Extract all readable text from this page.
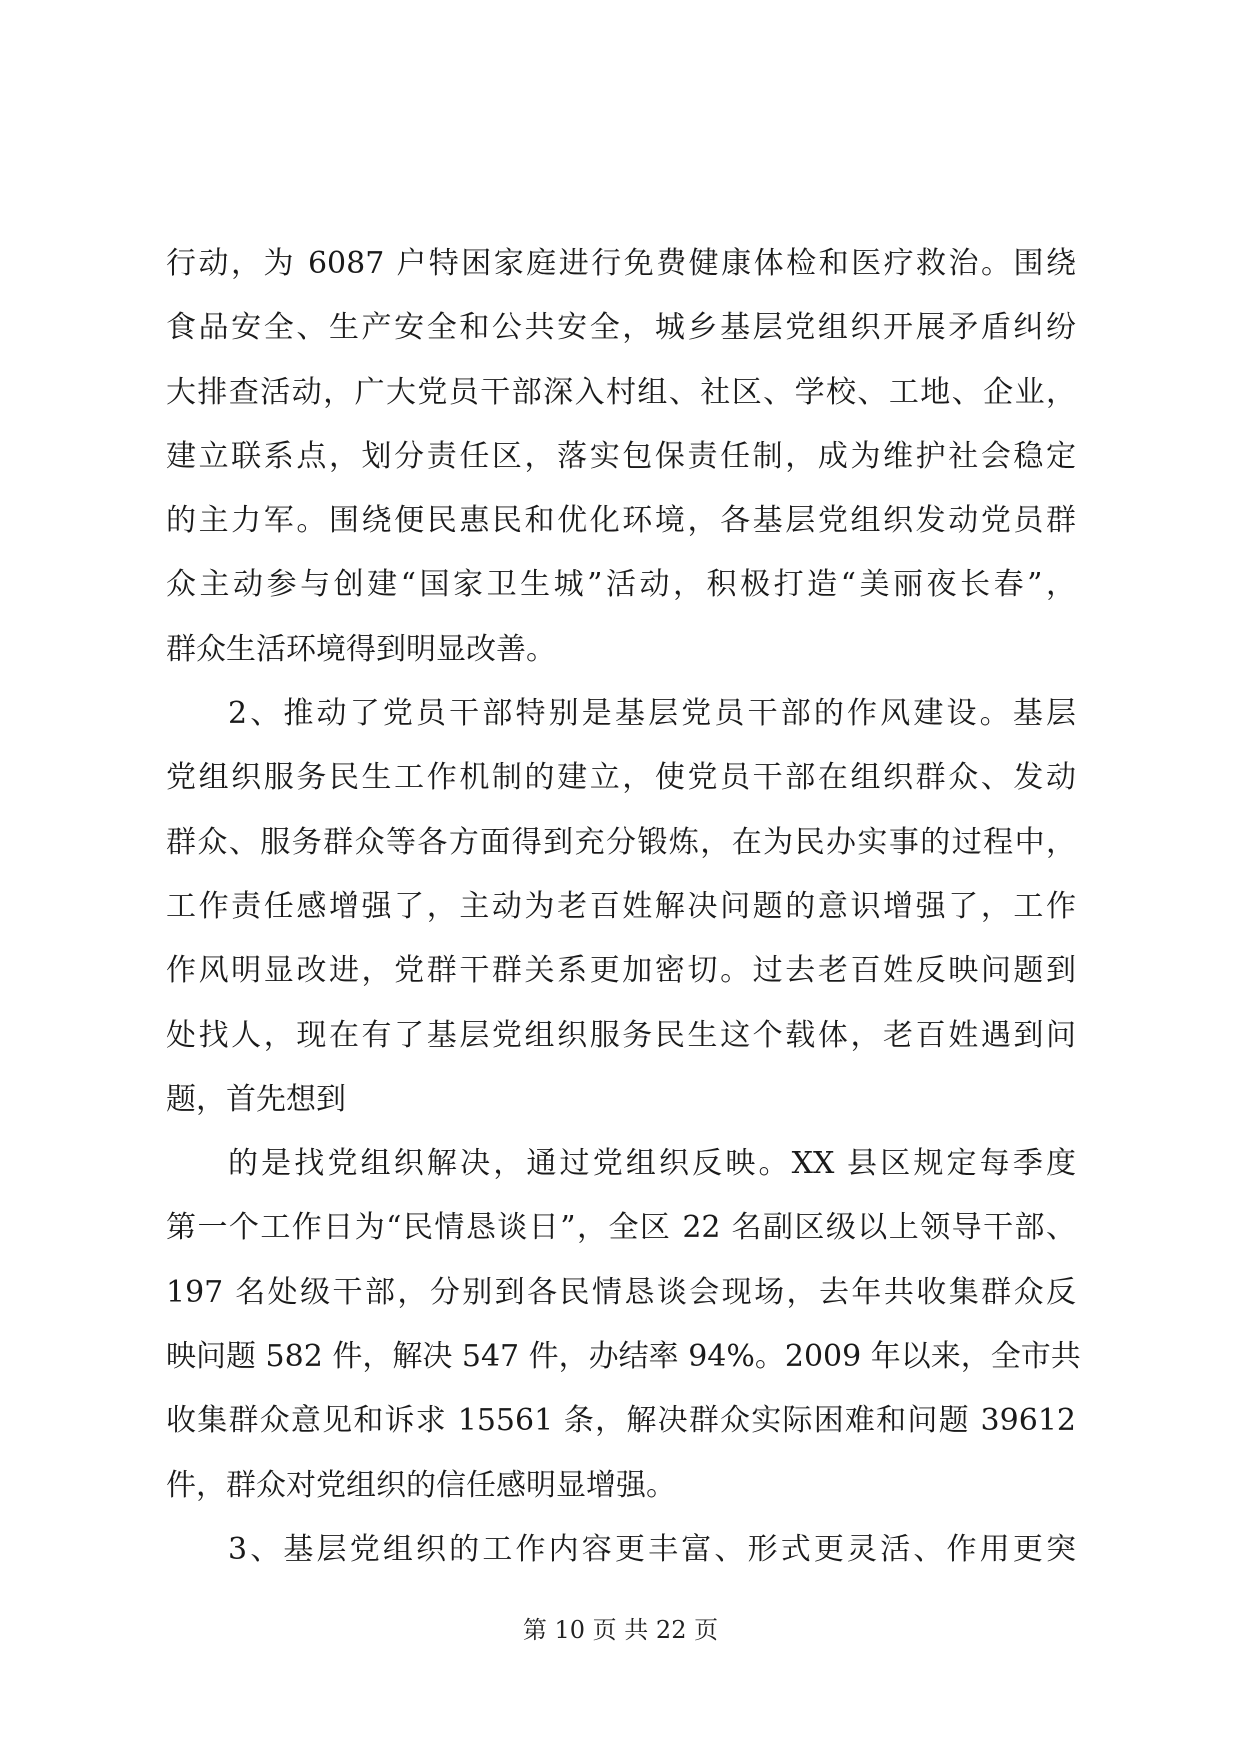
行动，为 6087 户特困家庭进行免费健康体检和医疗救治。围绕
食品安全、生产安全和公共安全，城乡基层党组织开展矛盾纠纷
大排查活动，广大党员干部深入村组、社区、学校、工地、企业，
建立联系点，划分责任区，落实包保责任制，成为维护社会稳定
的主力军。围绕便民惠民和优化环境，各基层党组织发动党员群
众主动参与创建“国家卫生城”活动，积极打造“美丽夜长春”，
群众生活环境得到明显改善。
2、推动了党员干部特别是基层党员干部的作风建设。基层
党组织服务民生工作机制的建立，使党员干部在组织群众、发动
群众、服务群众等各方面得到充分锻炼，在为民办实事的过程中，
工作责任感增强了，主动为老百姓解决问题的意识增强了，工作
作风明显改进，党群干群关系更加密切。过去老百姓反映问题到
处找人，现在有了基层党组织服务民生这个载体，老百姓遇到问
题，首先想到
的是找党组织解决，通过党组织反映。XX 县区规定每季度
第一个工作日为“民情恳谈日”，全区 22 名副区级以上领导干部、
197 名处级干部，分别到各民情恳谈会现场，去年共收集群众反
映问题 582 件，解决 547 件，办结率 94%。2009 年以来，全市共
收集群众意见和诉求 15561 条，解决群众实际困难和问题 39612
件，群众对党组织的信任感明显增强。
3、基层党组织的工作内容更丰富、形式更灵活、作用更突
第 10 页 共 22 页
